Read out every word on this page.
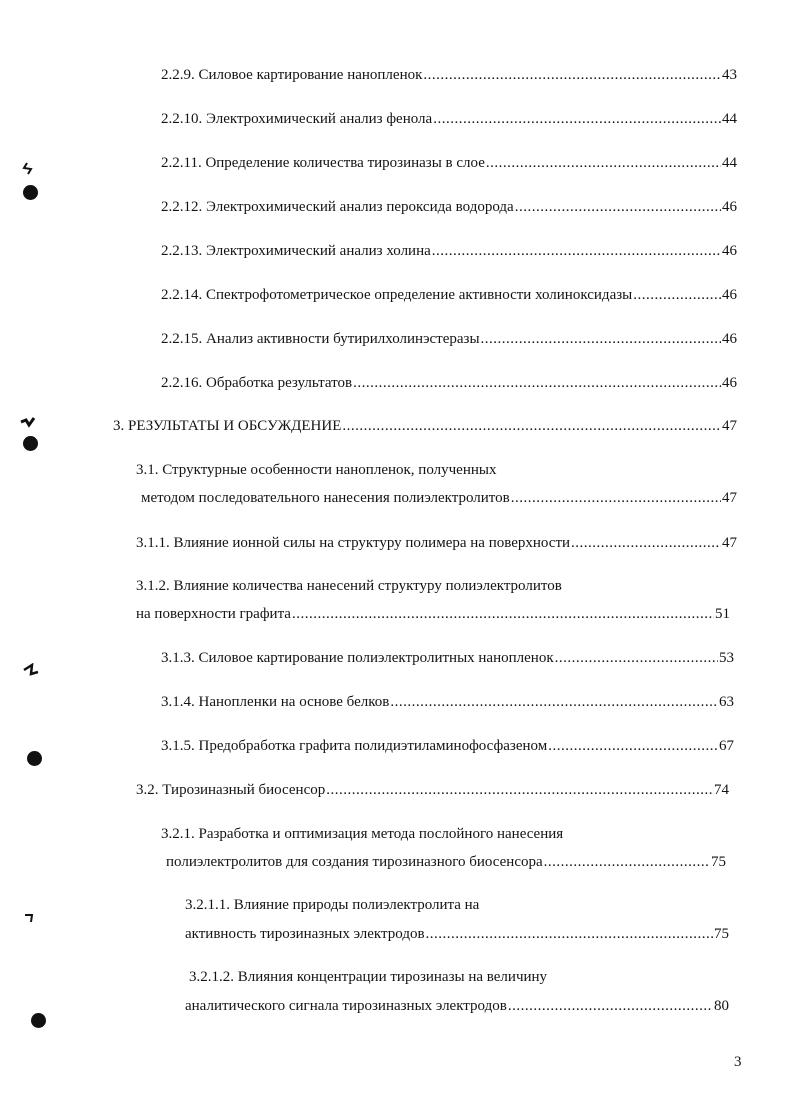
2.2.9. Силовое картирование нанопленок .....	43
2.2.10. Электрохимический анализ фенола .....	44
2.2.11. Определение количества тирозиназы в слое .....	44
2.2.12. Электрохимический анализ пероксида водорода .....	46
2.2.13. Электрохимический анализ холина .....	46
2.2.14. Спектрофотометрическое определение активности холиноксидазы .....	46
2.2.15. Анализ активности бутирилхолинэстеразы .....	46
2.2.16. Обработка результатов .....	46
3. РЕЗУЛЬТАТЫ И ОБСУЖДЕНИЕ .....	47
3.1. Структурные особенности нанопленок, полученных
методом последовательного нанесения полиэлектролитов .....	47
3.1.1. Влияние ионной силы на структуру полимера на поверхности .....	47
3.1.2. Влияние количества нанесений структуру полиэлектролитов
на поверхности графита .....	51
3.1.3. Силовое картирование полиэлектролитных нанопленок .....	53
3.1.4. Нанопленки на основе белков .....	63
3.1.5. Предобработка графита полидиэтиламинофосфазеном .....	67
3.2. Тирозиназный биосенсор .....	74
3.2.1. Разработка и оптимизация метода послойного нанесения
полиэлектролитов для создания тирозиназного биосенсора .....	75
3.2.1.1. Влияние природы полиэлектролита на
активность тирозиназных электродов .....	75
3.2.1.2. Влияния концентрации тирозиназы на величину
аналитического сигнала тирозиназных электродов .....	80
3
